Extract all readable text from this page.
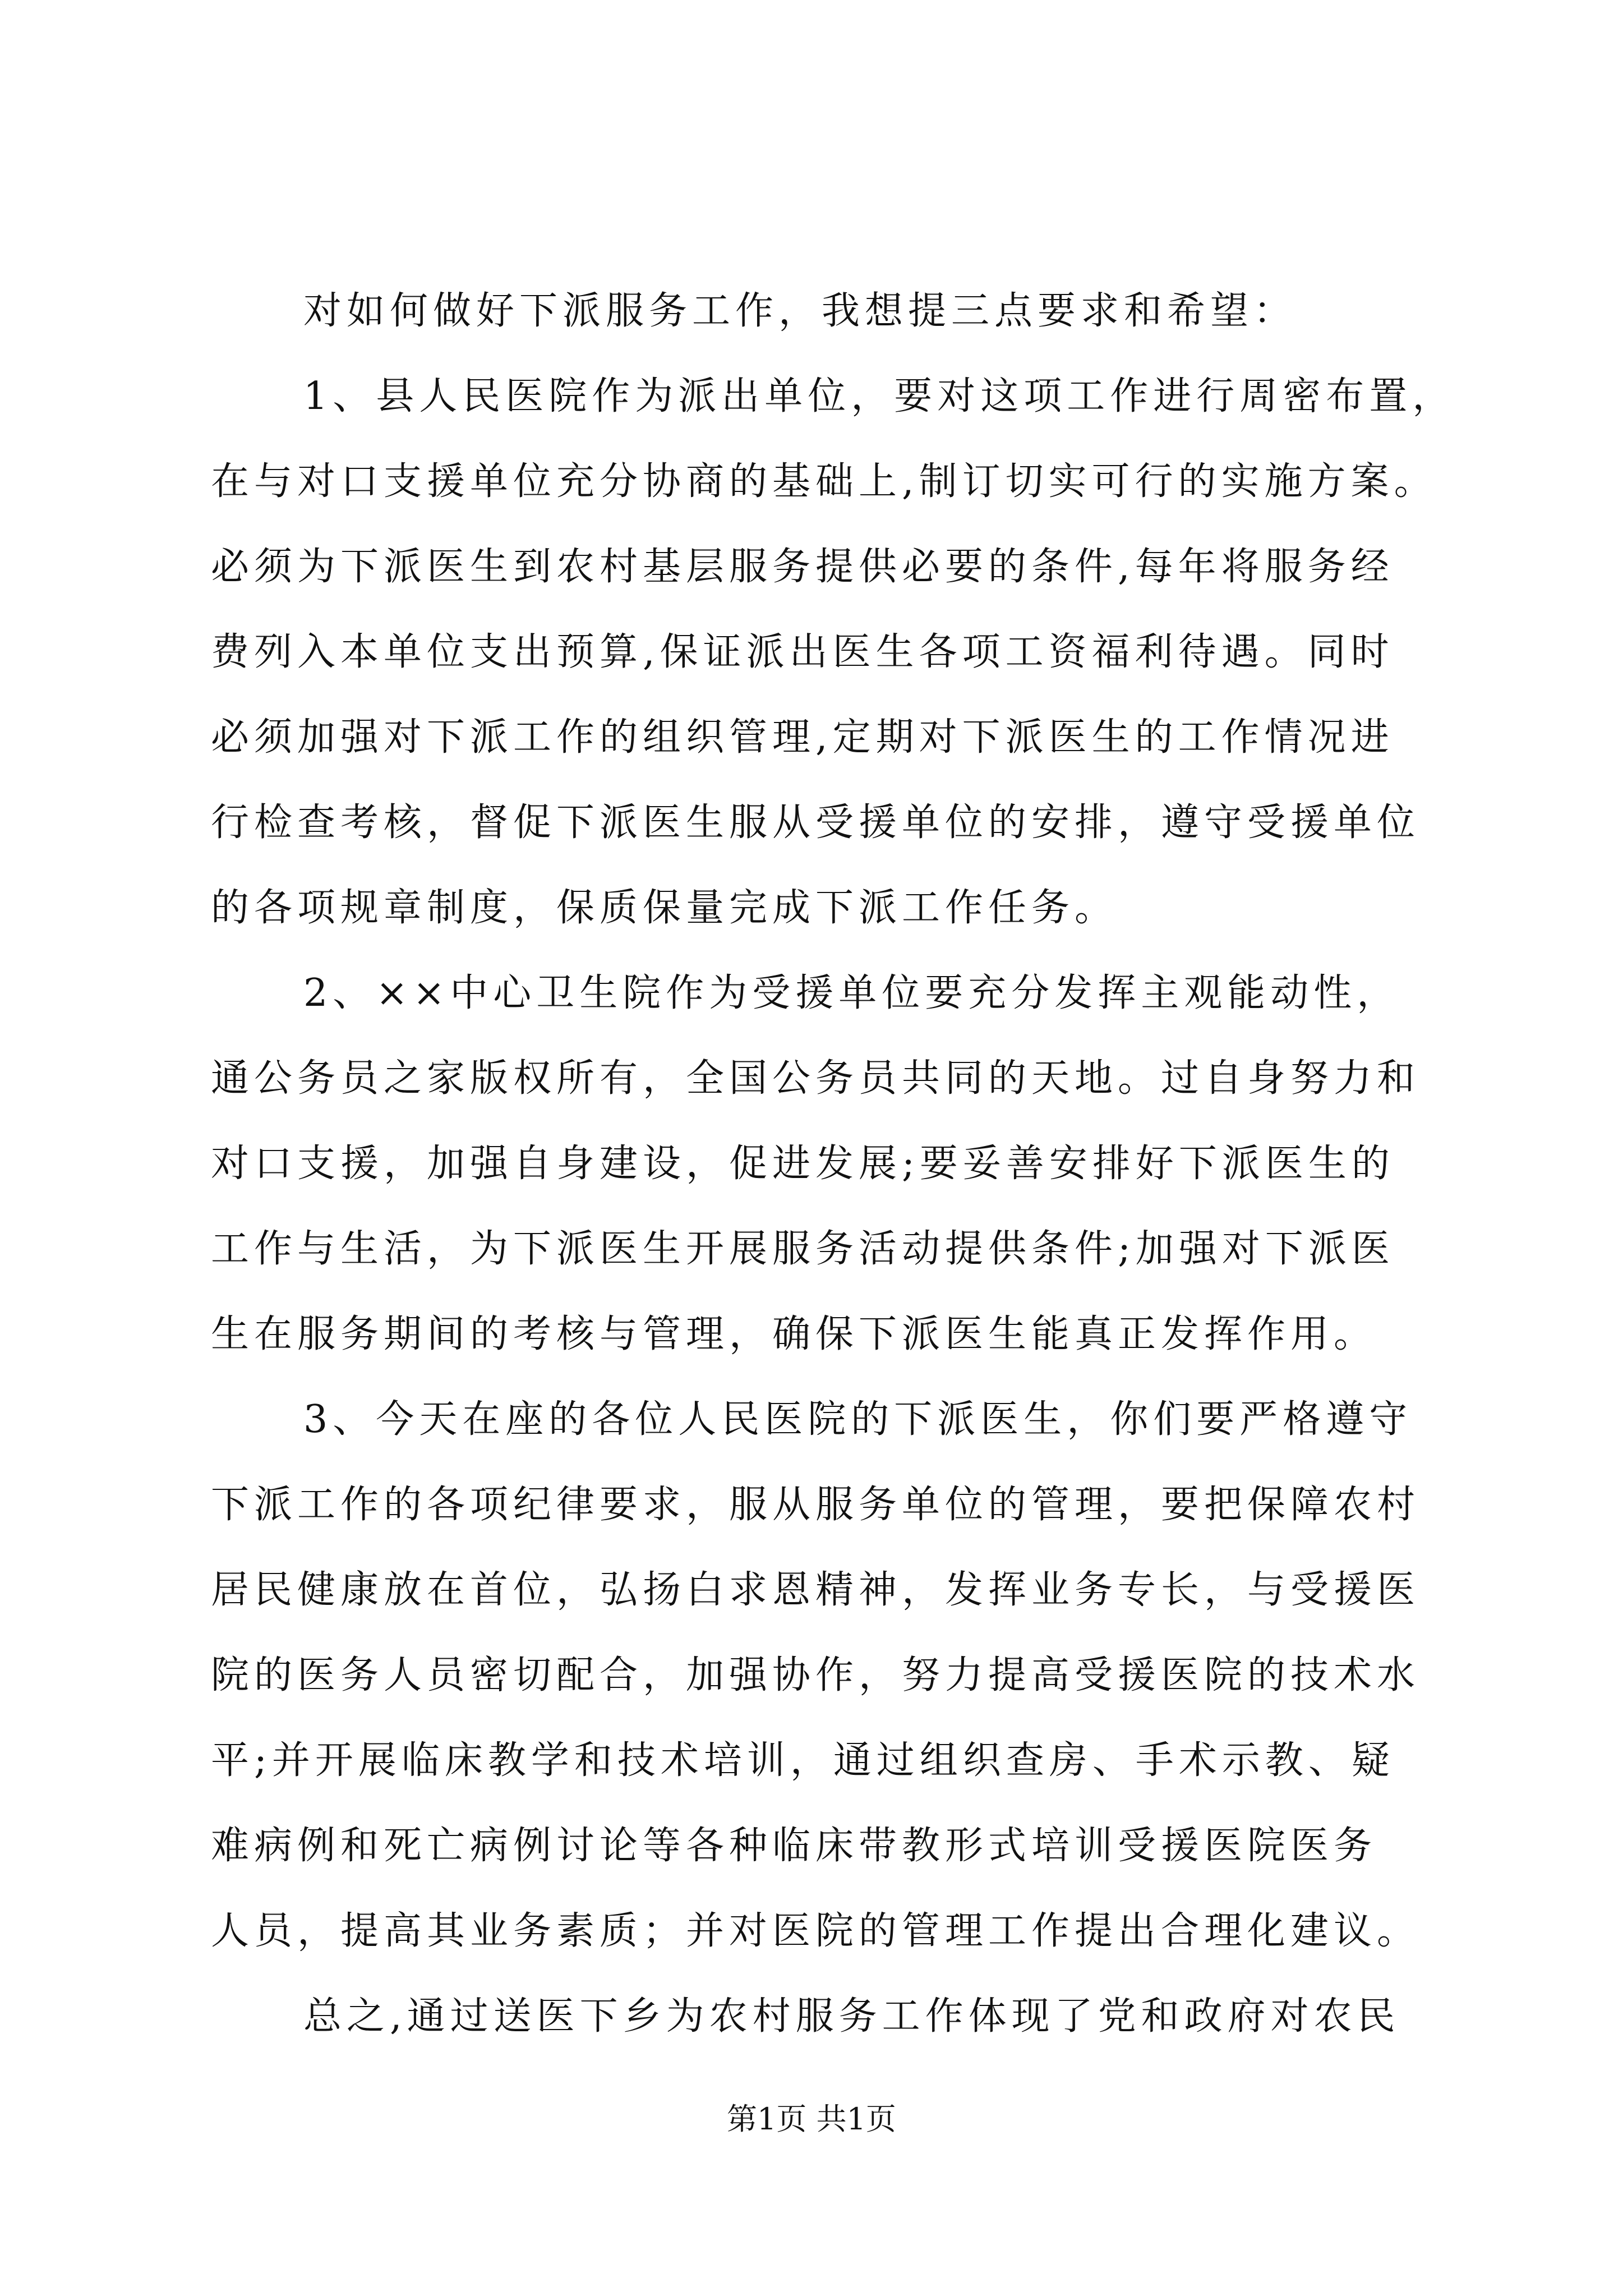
对如何做好下派服务工作，我想提三点要求和希望：
1、县人民医院作为派出单位，要对这项工作进行周密布置，
在与对口支援单位充分协商的基础上,制订切实可行的实施方案。
必须为下派医生到农村基层服务提供必要的条件,每年将服务经
费列入本单位支出预算,保证派出医生各项工资福利待遇。同时
必须加强对下派工作的组织管理,定期对下派医生的工作情况进
行检查考核，督促下派医生服从受援单位的安排，遵守受援单位
的各项规章制度，保质保量完成下派工作任务。
2、××中心卫生院作为受援单位要充分发挥主观能动性，
通公务员之家版权所有，全国公务员共同的天地。过自身努力和
对口支援，加强自身建设，促进发展;要妥善安排好下派医生的
工作与生活，为下派医生开展服务活动提供条件;加强对下派医
生在服务期间的考核与管理，确保下派医生能真正发挥作用。
3、今天在座的各位人民医院的下派医生，你们要严格遵守
下派工作的各项纪律要求，服从服务单位的管理，要把保障农村
居民健康放在首位，弘扬白求恩精神，发挥业务专长，与受援医
院的医务人员密切配合，加强协作，努力提高受援医院的技术水
平;并开展临床教学和技术培训，通过组织查房、手术示教、疑
难病例和死亡病例讨论等各种临床带教形式培训受援医院医务
人员，提高其业务素质；并对医院的管理工作提出合理化建议。
总之,通过送医下乡为农村服务工作体现了党和政府对农民
第1页 共1页
